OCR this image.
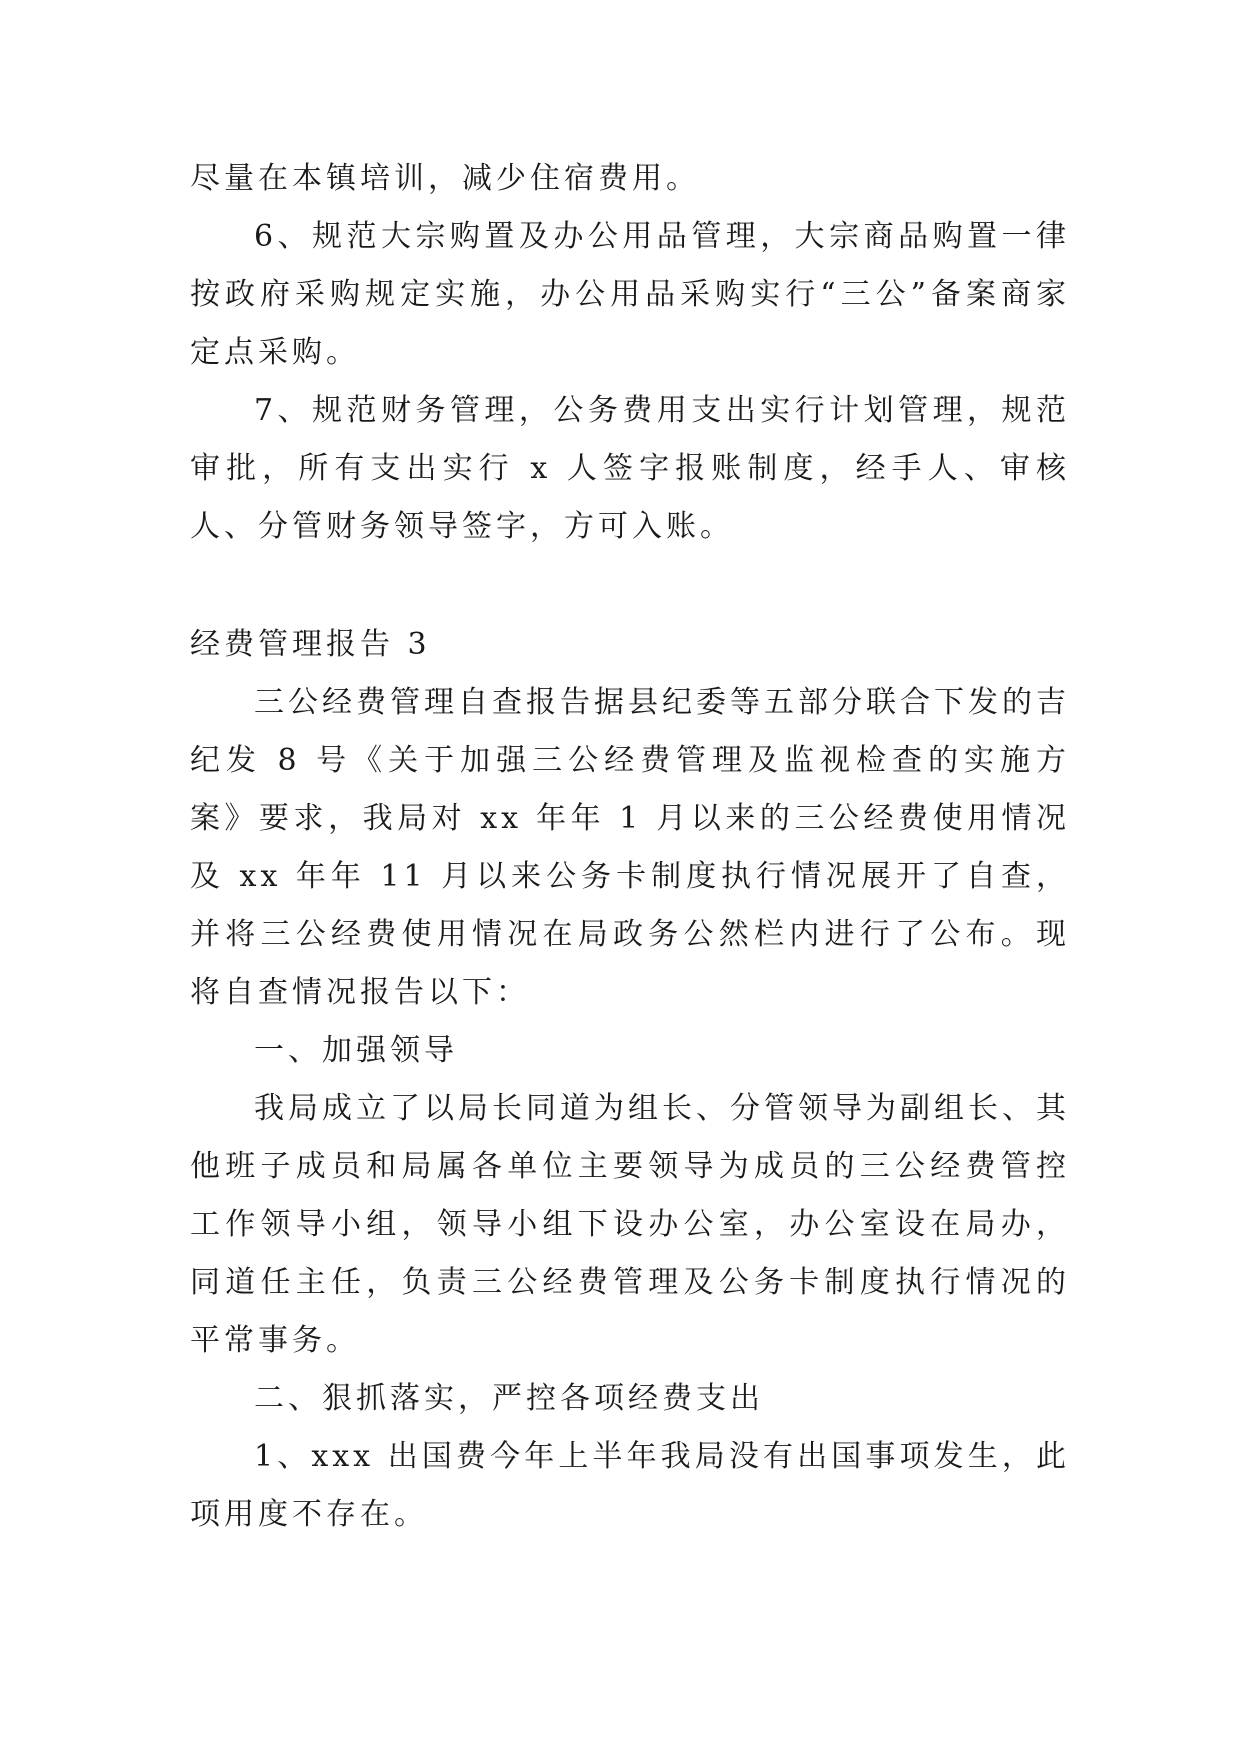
尽量在本镇培训，减少住宿费用。

6、规范大宗购置及办公用品管理，大宗商品购置一律按政府采购规定实施，办公用品采购实行“三公”备案商家定点采购。

7、规范财务管理，公务费用支出实行计划管理，规范审批，所有支出实行 x 人签字报账制度，经手人、审核人、分管财务领导签字，方可入账。

经费管理报告 3

三公经费管理自查报告据县纪委等五部分联合下发的吉纪发 8 号《关于加强三公经费管理及监视检查的实施方案》要求，我局对 xx 年年 1 月以来的三公经费使用情况及 xx 年年 11 月以来公务卡制度执行情况展开了自查，并将三公经费使用情况在局政务公然栏内进行了公布。现将自查情况报告以下：

一、加强领导

我局成立了以局长同道为组长、分管领导为副组长、其他班子成员和局属各单位主要领导为成员的三公经费管控工作领导小组，领导小组下设办公室，办公室设在局办，同道任主任，负责三公经费管理及公务卡制度执行情况的平常事务。

二、狠抓落实，严控各项经费支出

1、xxx 出国费今年上半年我局没有出国事项发生，此项用度不存在。
